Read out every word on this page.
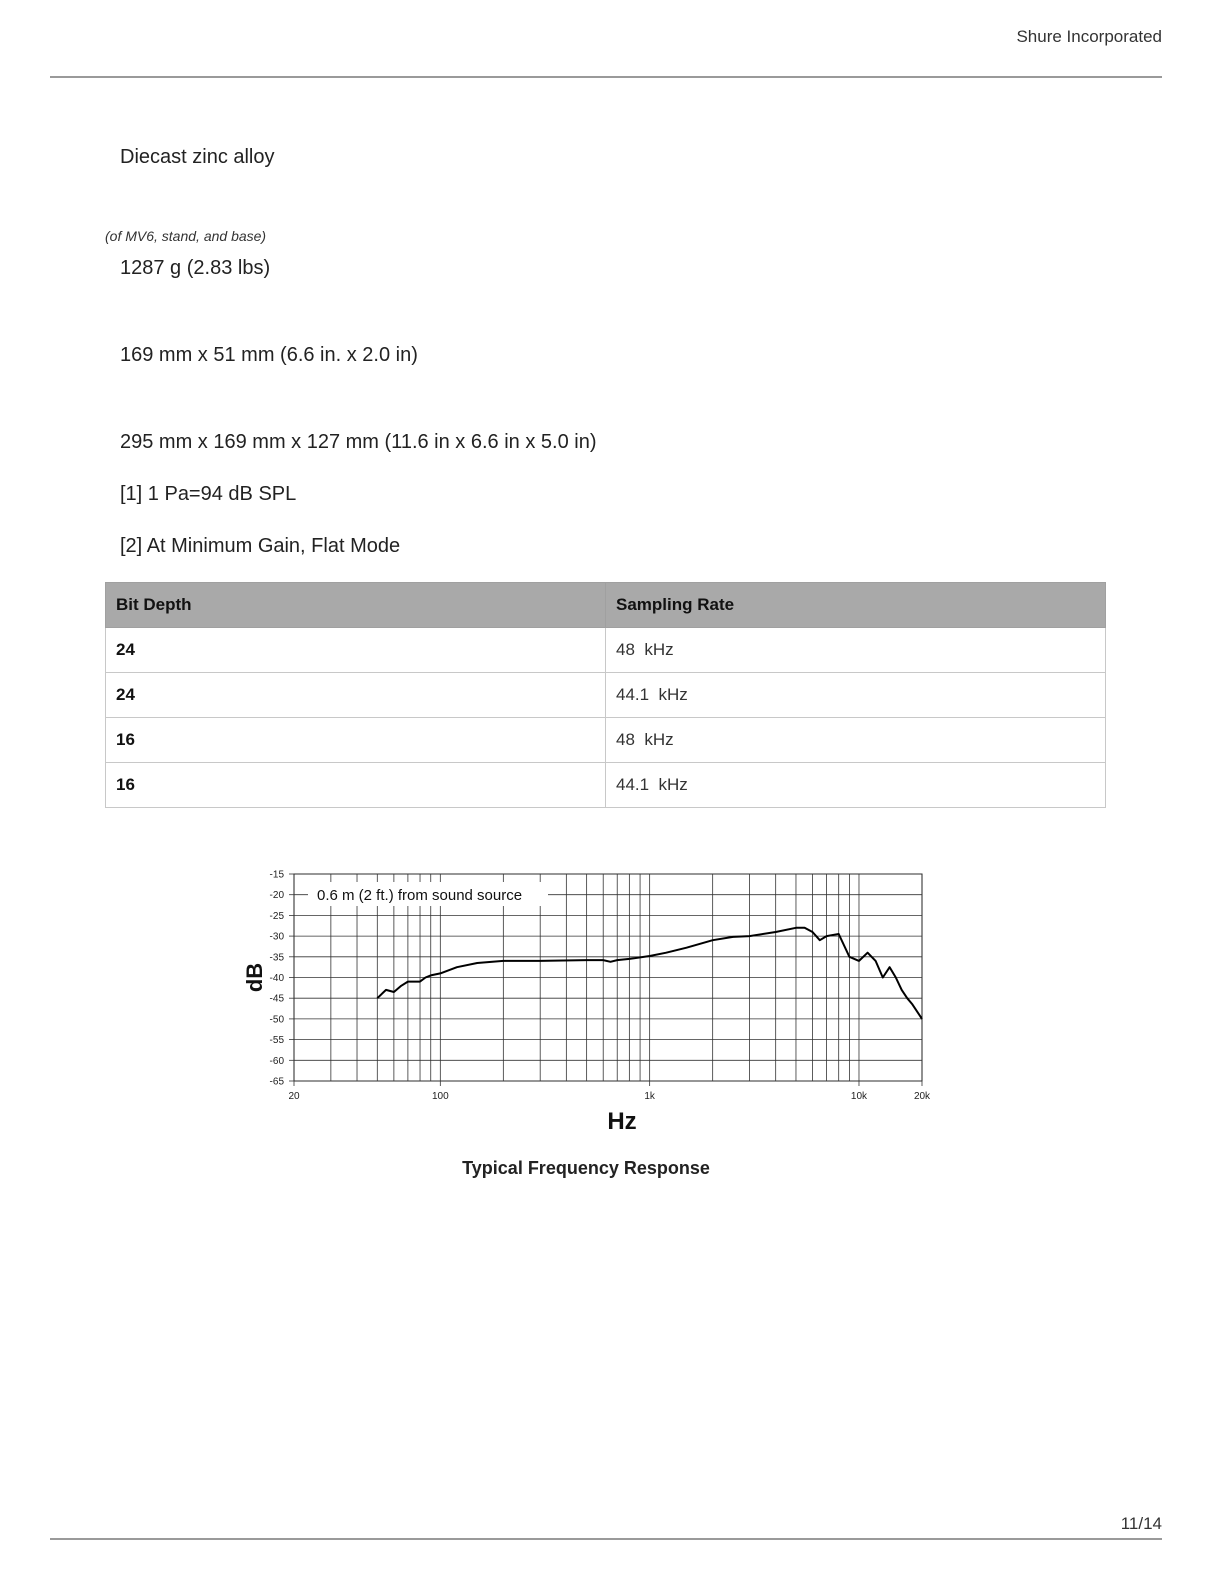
Shure Incorporated
Diecast zinc alloy
(of MV6, stand, and base)
1287 g (2.83 lbs)
169 mm x 51 mm (6.6 in. x 2.0 in)
295 mm x 169 mm x 127 mm (11.6 in x 6.6 in x 5.0 in)
[1] 1 Pa=94 dB SPL
[2] At Minimum Gain, Flat Mode
Bit Depth	Sampling Rate
24	48  kHz
24	44.1  kHz
16	48  kHz
16	44.1  kHz
-15
-20
-25
-30
-35
-40
-45
-50
-55
-60
-65
0.6 m (2 ft.) from sound source
20	100	1k	10k	20k
Hz
dB
Typical Frequency Response
11/14
